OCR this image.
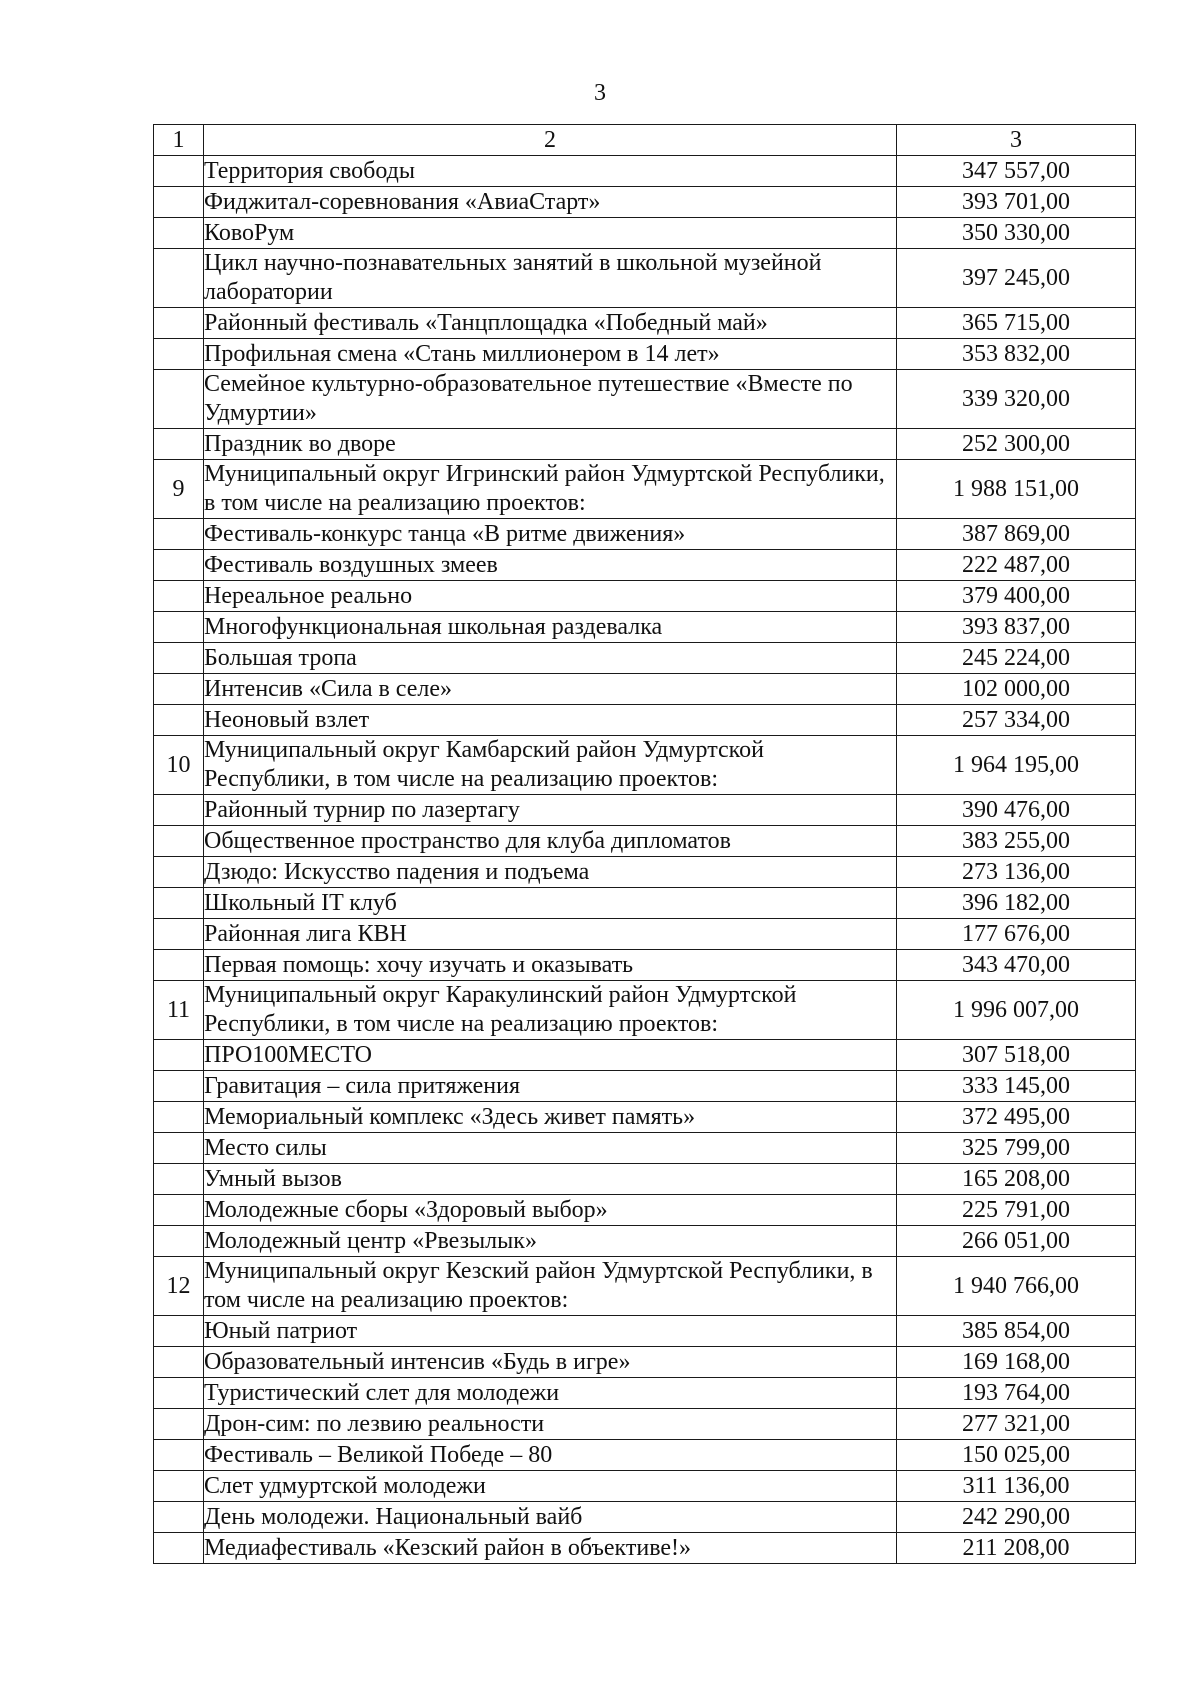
3
1	2	3
	Территория свободы	347 557,00
	Фиджитал-соревнования «АвиаСтарт»	393 701,00
	КовоРум	350 330,00
	Цикл научно-познавательных занятий в школьной музейной лаборатории	397 245,00
	Районный фестиваль «Танцплощадка «Победный май»	365 715,00
	Профильная смена «Стань миллионером в 14 лет»	353 832,00
	Семейное культурно-образовательное путешествие «Вместе по Удмуртии»	339 320,00
	Праздник во дворе	252 300,00
9	Муниципальный округ Игринский район Удмуртской Республики, в том числе на реализацию проектов:	1 988 151,00
	Фестиваль-конкурс танца «В ритме движения»	387 869,00
	Фестиваль воздушных змеев	222 487,00
	Нереальное реально	379 400,00
	Многофункциональная школьная раздевалка	393 837,00
	Большая тропа	245 224,00
	Интенсив «Сила в селе»	102 000,00
	Неоновый взлет	257 334,00
10	Муниципальный округ Камбарский район Удмуртской Республики, в том числе на реализацию проектов:	1 964 195,00
	Районный турнир по лазертагу	390 476,00
	Общественное пространство для клуба дипломатов	383 255,00
	Дзюдо: Искусство падения и подъема	273 136,00
	Школьный IT клуб	396 182,00
	Районная лига КВН	177 676,00
	Первая помощь: хочу изучать и оказывать	343 470,00
11	Муниципальный округ Каракулинский район Удмуртской Республики, в том числе на реализацию проектов:	1 996 007,00
	ПРО100МЕСТО	307 518,00
	Гравитация – сила притяжения	333 145,00
	Мемориальный комплекс «Здесь живет память»	372 495,00
	Место силы	325 799,00
	Умный вызов	165 208,00
	Молодежные сборы «Здоровый выбор»	225 791,00
	Молодежный центр «Рвезылык»	266 051,00
12	Муниципальный округ Кезский район Удмуртской Республики, в том числе на реализацию проектов:	1 940 766,00
	Юный патриот	385 854,00
	Образовательный интенсив «Будь в игре»	169 168,00
	Туристический слет для молодежи	193 764,00
	Дрон-сим: по лезвию реальности	277 321,00
	Фестиваль – Великой Победе – 80	150 025,00
	Слет удмуртской молодежи	311 136,00
	День молодежи. Национальный вайб	242 290,00
	Медиафестиваль «Кезский район в объективе!»	211 208,00
